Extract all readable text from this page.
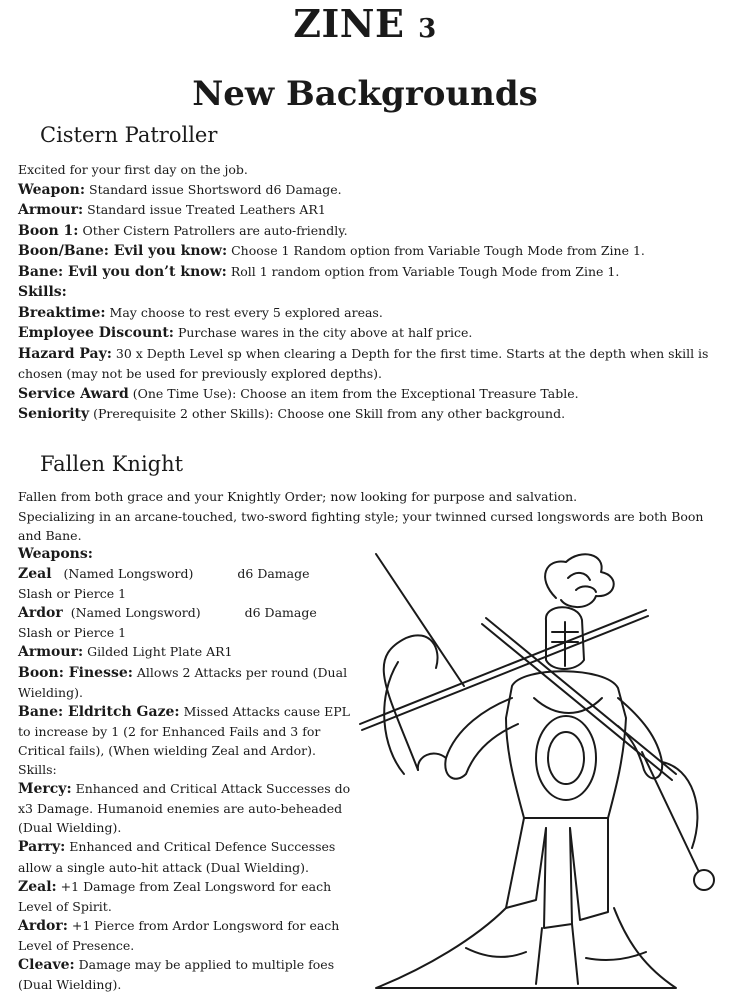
ZINE 3
New Backgrounds
Cistern Patroller

Excited for your first day on the job.

Weapon: Standard issue Shortsword d6 Damage.

Armour: Standard issue Treated Leathers AR1

Boon 1: Other Cistern Patrollers are auto-friendly.

Boon/Bane: Evil you know: Choose 1 Random option from Variable Tough Mode from Zine 1.

Bane: Evil you don’t know: Roll 1 random option from Variable Tough Mode from Zine 1.

Skills:

Breaktime: May choose to rest every 5 explored areas.

Employee Discount: Purchase wares in the city above at half price.

Hazard Pay: 30 x Depth Level sp when clearing a Depth for the first time. Starts at the depth when skill is chosen (may not be used for previously explored depths).

Service Award (One Time Use): Choose an item from the Exceptional Treasure Table.

Seniority (Prerequisite 2 other Skills): Choose one Skill from any other background.

Fallen Knight

Fallen from both grace and your Knightly Order; now looking for purpose and salvation.

Specializing in an arcane-touched, two-sword fighting style; your twinned cursed longswords are both Boon and Bane.

Weapons:

Zeal (Named Longsword)	d6 Damage

Slash or Pierce 1

Ardor (Named Longsword)	d6 Damage

Slash or Pierce 1

Armour: Gilded Light Plate AR1

Boon: Finesse: Allows 2 Attacks per round (Dual Wielding).

Bane: Eldritch Gaze: Missed Attacks cause EPL to increase by 1 (2 for Enhanced Fails and 3 for Critical fails), (When wielding Zeal and Ardor).

Skills:

Mercy: Enhanced and Critical Attack Successes do x3 Damage. Humanoid enemies are auto-beheaded (Dual Wielding).

Parry: Enhanced and Critical Defence Successes allow a single auto-hit attack (Dual Wielding).

Zeal: +1 Damage from Zeal Longsword for each Level of Spirit.

Ardor: +1 Pierce from Ardor Longsword for each Level of Presence.

Cleave: Damage may be applied to multiple foes (Dual Wielding).
